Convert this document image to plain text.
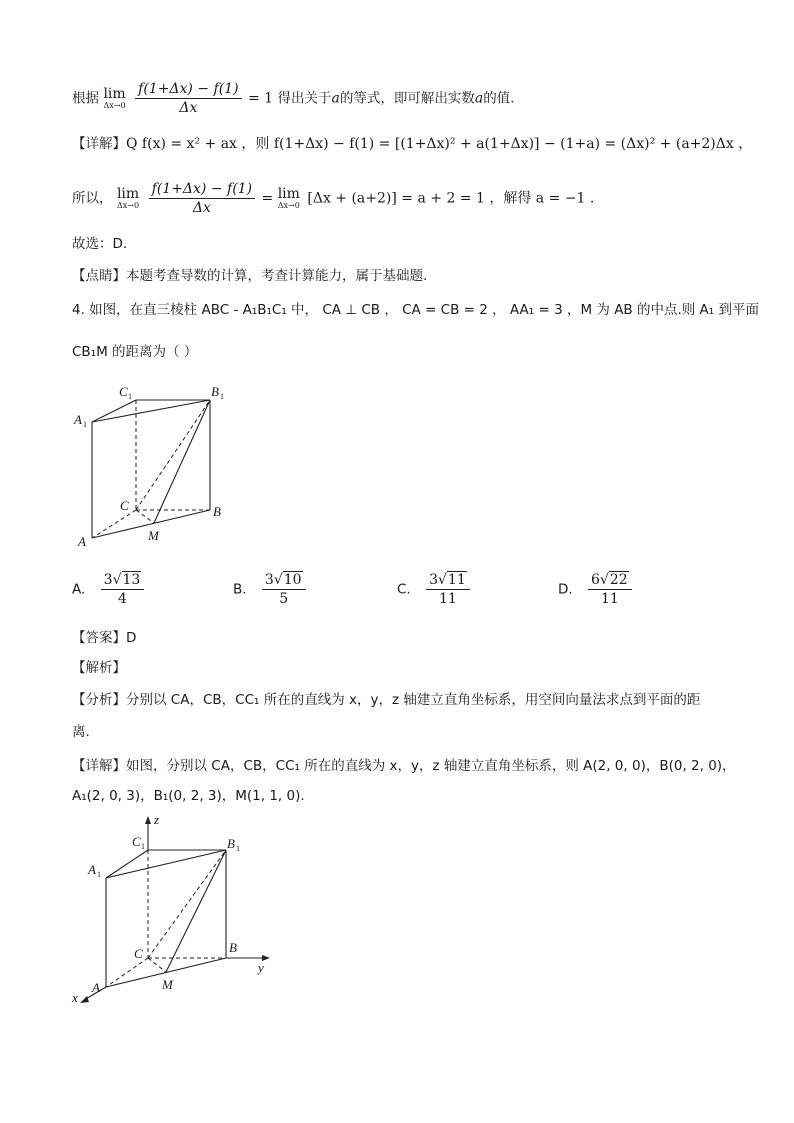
根据 lim
Δx→0
$\frac{f(1+\Delta x) - f(1)}{\Delta x} = 1$ 得出关于a的等式，即可解出实数a的值.
【详解】Q f(x) = x² + ax ，则 f(1+Δx) − f(1) = [(1+Δx)² + a(1+Δx)] − (1+a) = (Δx)² + (a+2)Δx ，
所以， lim
Δx→0
$\frac{f(1+\Delta x) - f(1)}{\Delta x} = \lim$
Δx→0 [Δx + (a+2)] = a + 2 = 1 ，解得 a = −1 .
故选：D.
【点睛】本题考查导数的计算，考查计算能力，属于基础题.
4. 如图，在直三棱柱 ABC - A₁B₁C₁ 中， CA ⊥ CB ， CA = CB = 2 ， AA₁ = 3 ，M 为 AB 的中点.则 A₁ 到平面
CB₁M 的距离为（ ）
C 1	B 1
A 1
C	B
A	M
A. $\frac{3√13}{4}$	B. $\frac{3√10}{5}$	C. $\frac{3√11}{11}$	D. $\frac{6√22}{11}$
【答案】D
【解析】
【分析】分别以 CA，CB，CC₁ 所在的直线为 x，y，z 轴建立直角坐标系，用空间向量法求点到平面的距
离.
【详解】如图，分别以 CA，CB，CC₁ 所在的直线为 x，y，z 轴建立直角坐标系，则 A(2, 0, 0)，B(0, 2, 0)，
A₁(2, 0, 3)，B₁(0, 2, 3)，M(1, 1, 0).
z
C 1	B 1
A 1
C	B
A	M
y
x
